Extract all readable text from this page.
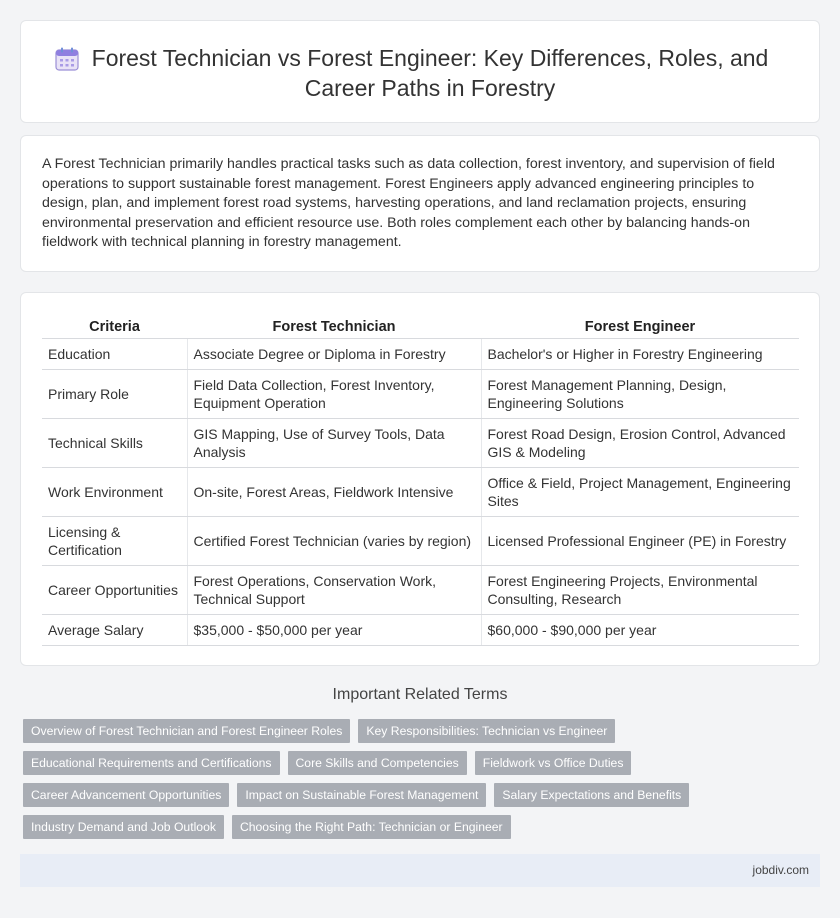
Forest Technician vs Forest Engineer: Key Differences, Roles, and Career Paths in Forestry

A Forest Technician primarily handles practical tasks such as data collection, forest inventory, and supervision of field operations to support sustainable forest management. Forest Engineers apply advanced engineering principles to design, plan, and implement forest road systems, harvesting operations, and land reclamation projects, ensuring environmental preservation and efficient resource use. Both roles complement each other by balancing hands-on fieldwork with technical planning in forestry management.

Criteria	Forest Technician	Forest Engineer
Education	Associate Degree or Diploma in Forestry	Bachelor's or Higher in Forestry Engineering
Primary Role	Field Data Collection, Forest Inventory, Equipment Operation	Forest Management Planning, Design, Engineering Solutions
Technical Skills	GIS Mapping, Use of Survey Tools, Data Analysis	Forest Road Design, Erosion Control, Advanced GIS & Modeling
Work Environment	On-site, Forest Areas, Fieldwork Intensive	Office & Field, Project Management, Engineering Sites
Licensing & Certification	Certified Forest Technician (varies by region)	Licensed Professional Engineer (PE) in Forestry
Career Opportunities	Forest Operations, Conservation Work, Technical Support	Forest Engineering Projects, Environmental Consulting, Research
Average Salary	$35,000 - $50,000 per year	$60,000 - $90,000 per year
Important Related Terms
Overview of Forest Technician and Forest Engineer Roles	Key Responsibilities: Technician vs Engineer
Educational Requirements and Certifications	Core Skills and Competencies	Fieldwork vs Office Duties
Career Advancement Opportunities	Impact on Sustainable Forest Management	Salary Expectations and Benefits
Industry Demand and Job Outlook	Choosing the Right Path: Technician or Engineer
jobdiv.com
